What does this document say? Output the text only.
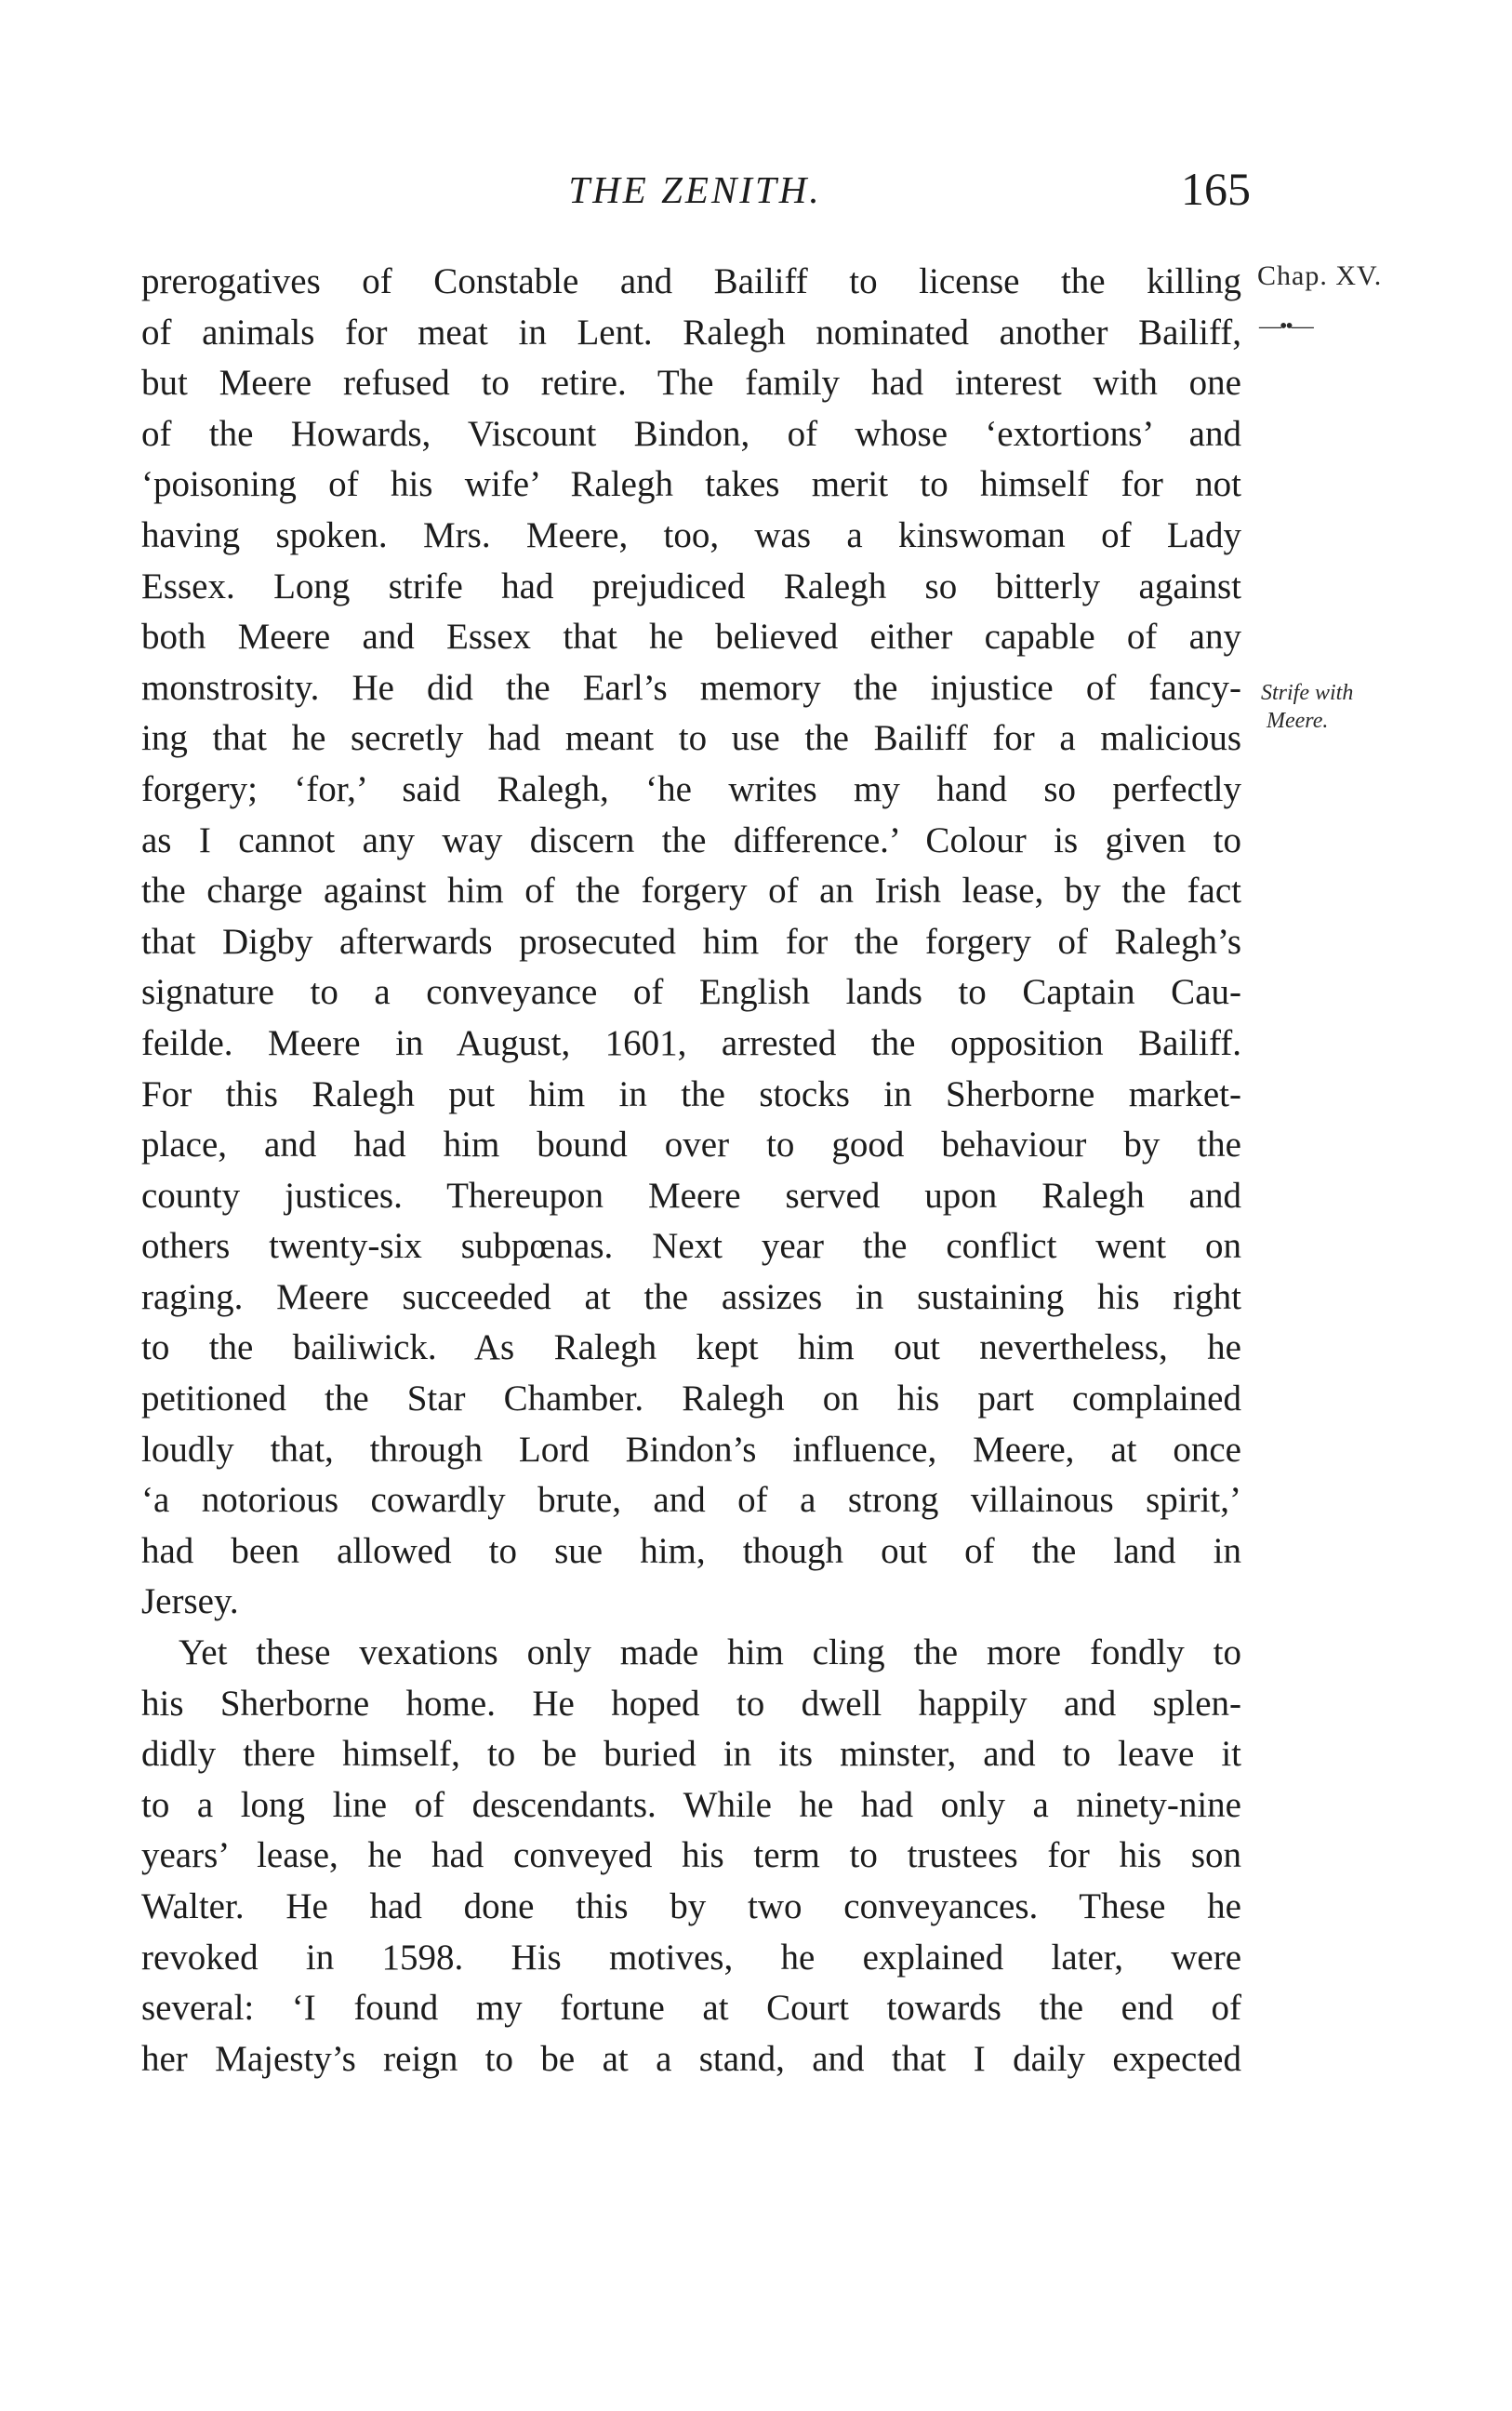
THE ZENITH.	165
Chap. XV.
—••—
Strife with
Meere.
prerogatives of Constable and Bailiff to license the killing
of animals for meat in Lent. Ralegh nominated another Bailiff,
but Meere refused to retire. The family had interest with one
of the Howards, Viscount Bindon, of whose ‘extortions’ and
‘poisoning of his wife’ Ralegh takes merit to himself for not
having spoken. Mrs. Meere, too, was a kinswoman of Lady
Essex. Long strife had prejudiced Ralegh so bitterly against
both Meere and Essex that he believed either capable of any
monstrosity. He did the Earl’s memory the injustice of fancy-
ing that he secretly had meant to use the Bailiff for a malicious
forgery; ‘for,’ said Ralegh, ‘he writes my hand so perfectly
as I cannot any way discern the difference.’ Colour is given to
the charge against him of the forgery of an Irish lease, by the fact
that Digby afterwards prosecuted him for the forgery of Ralegh’s
signature to a conveyance of English lands to Captain Cau-
feilde. Meere in August, 1601, arrested the opposition Bailiff.
For this Ralegh put him in the stocks in Sherborne market-
place, and had him bound over to good behaviour by the
county justices. Thereupon Meere served upon Ralegh and
others twenty-six subpœnas. Next year the conflict went on
raging. Meere succeeded at the assizes in sustaining his right
to the bailiwick. As Ralegh kept him out nevertheless, he
petitioned the Star Chamber. Ralegh on his part complained
loudly that, through Lord Bindon’s influence, Meere, at once
‘a notorious cowardly brute, and of a strong villainous spirit,’
had been allowed to sue him, though out of the land in
Jersey.
Yet these vexations only made him cling the more fondly to
his Sherborne home. He hoped to dwell happily and splen-
didly there himself, to be buried in its minster, and to leave it
to a long line of descendants. While he had only a ninety-nine
years’ lease, he had conveyed his term to trustees for his son
Walter. He had done this by two conveyances. These he
revoked in 1598. His motives, he explained later, were
several: ‘I found my fortune at Court towards the end of
her Majesty’s reign to be at a stand, and that I daily expected
